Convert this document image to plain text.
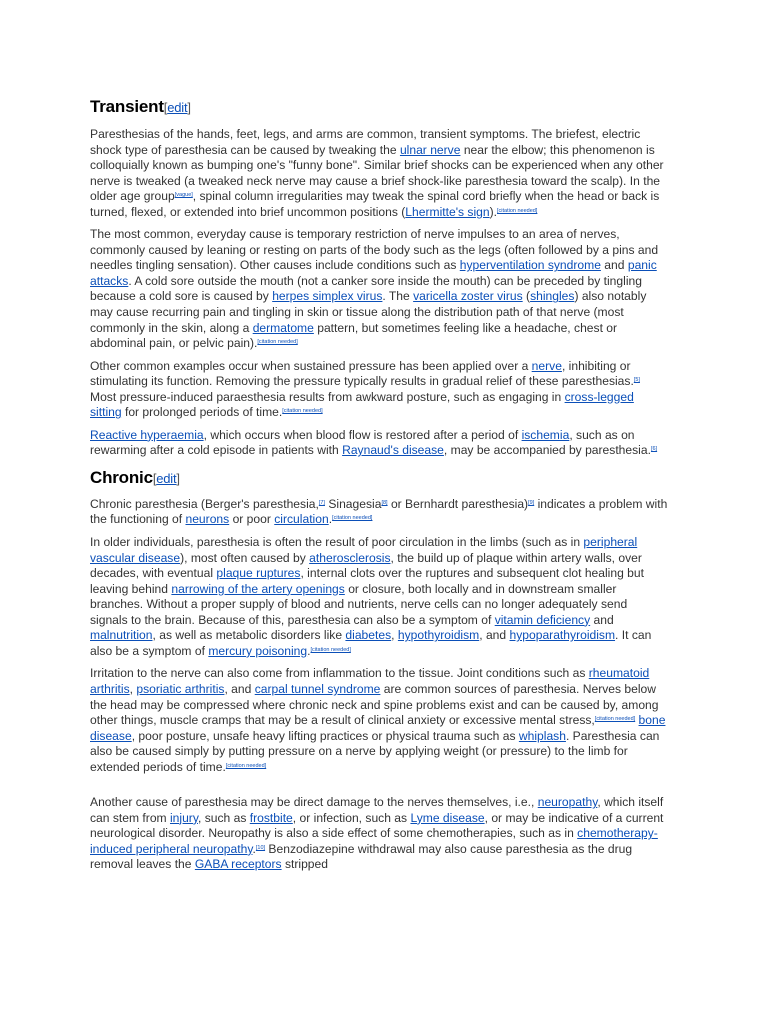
Transient[edit]

Paresthesias of the hands, feet, legs, and arms are common, transient symptoms. The briefest, electric shock type of paresthesia can be caused by tweaking the ulnar nerve near the elbow; this phenomenon is colloquially known as bumping one's "funny bone". Similar brief shocks can be experienced when any other nerve is tweaked (a tweaked neck nerve may cause a brief shock-like paresthesia toward the scalp). In the older age group[vague], spinal column irregularities may tweak the spinal cord briefly when the head or back is turned, flexed, or extended into brief uncommon positions (Lhermitte's sign).[citation needed]

The most common, everyday cause is temporary restriction of nerve impulses to an area of nerves, commonly caused by leaning or resting on parts of the body such as the legs (often followed by a pins and needles tingling sensation). Other causes include conditions such as hyperventilation syndrome and panic attacks. A cold sore outside the mouth (not a canker sore inside the mouth) can be preceded by tingling because a cold sore is caused by herpes simplex virus. The varicella zoster virus (shingles) also notably may cause recurring pain and tingling in skin or tissue along the distribution path of that nerve (most commonly in the skin, along a dermatome pattern, but sometimes feeling like a headache, chest or abdominal pain, or pelvic pain).[citation needed]

Other common examples occur when sustained pressure has been applied over a nerve, inhibiting or stimulating its function. Removing the pressure typically results in gradual relief of these paresthesias.[5] Most pressure-induced paraesthesia results from awkward posture, such as engaging in cross-legged sitting for prolonged periods of time.[citation needed]

Reactive hyperaemia, which occurs when blood flow is restored after a period of ischemia, such as on rewarming after a cold episode in patients with Raynaud's disease, may be accompanied by paresthesia.[6]

Chronic[edit]

Chronic paresthesia (Berger's paresthesia,[7] Sinagesia[8] or Bernhardt paresthesia)[9] indicates a problem with the functioning of neurons or poor circulation.[citation needed]

In older individuals, paresthesia is often the result of poor circulation in the limbs (such as in peripheral vascular disease), most often caused by atherosclerosis, the build up of plaque within artery walls, over decades, with eventual plaque ruptures, internal clots over the ruptures and subsequent clot healing but leaving behind narrowing of the artery openings or closure, both locally and in downstream smaller branches. Without a proper supply of blood and nutrients, nerve cells can no longer adequately send signals to the brain. Because of this, paresthesia can also be a symptom of vitamin deficiency and malnutrition, as well as metabolic disorders like diabetes, hypothyroidism, and hypoparathyroidism. It can also be a symptom of mercury poisoning.[citation needed]

Irritation to the nerve can also come from inflammation to the tissue. Joint conditions such as rheumatoid arthritis, psoriatic arthritis, and carpal tunnel syndrome are common sources of paresthesia. Nerves below the head may be compressed where chronic neck and spine problems exist and can be caused by, among other things, muscle cramps that may be a result of clinical anxiety or excessive mental stress,[citation needed] bone disease, poor posture, unsafe heavy lifting practices or physical trauma such as whiplash. Paresthesia can also be caused simply by putting pressure on a nerve by applying weight (or pressure) to the limb for extended periods of time.[citation needed]

Another cause of paresthesia may be direct damage to the nerves themselves, i.e., neuropathy, which itself can stem from injury, such as frostbite, or infection, such as Lyme disease, or may be indicative of a current neurological disorder. Neuropathy is also a side effect of some chemotherapies, such as in chemotherapy-induced peripheral neuropathy.[10] Benzodiazepine withdrawal may also cause paresthesia as the drug removal leaves the GABA receptors stripped
